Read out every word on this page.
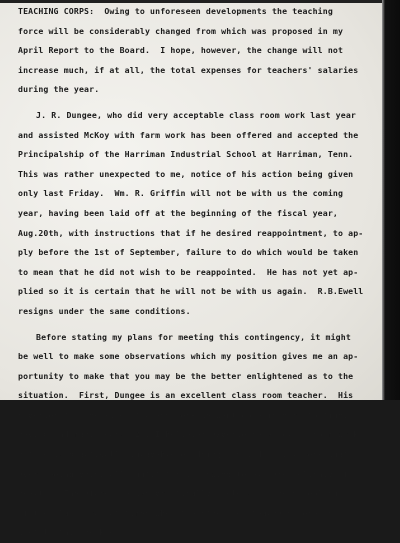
TEACHING CORPS:  Owing to unforeseen developments the teaching
force will be considerably changed from which was proposed in my
April Report to the Board.  I hope, however, the change will not
increase much, if at all, the total expenses for teachers' salaries
during the year.
J. R. Dungee, who did very acceptable class room work last year
and assisted McKoy with farm work has been offered and accepted the
Principalship of the Harriman Industrial School at Harriman, Tenn.
This was rather unexpected to me, notice of his action being given
only last Friday.  Wm. R. Griffin will not be with us the coming
year, having been laid off at the beginning of the fiscal year,
Aug.20th, with instructions that if he desired reappointment, to ap-
ply before the 1st of September, failure to do which would be taken
to mean that he did not wish to be reappointed.  He has not yet ap-
plied so it is certain that he will not be with us again.  R.B.Ewell
resigns under the same conditions.
Before stating my plans for meeting this contingency, it might
be well to make some observations which my position gives me an ap-
portunity to make that you may be the better enlightened as to the
situation.  First, Dungee is an excellent class room teacher.  His
superior for the kind of class work we want done is hard to find,
having had many years (20, I believe) experience at class room work,
but he is practically incapable of doing any industrial work what-
ever, being physically unfit for it, owing to extreme delicacy of
health.  Therefore, he was practically useless to the school out
of the class room at times when the other men teachers were most
useful, this he knew
